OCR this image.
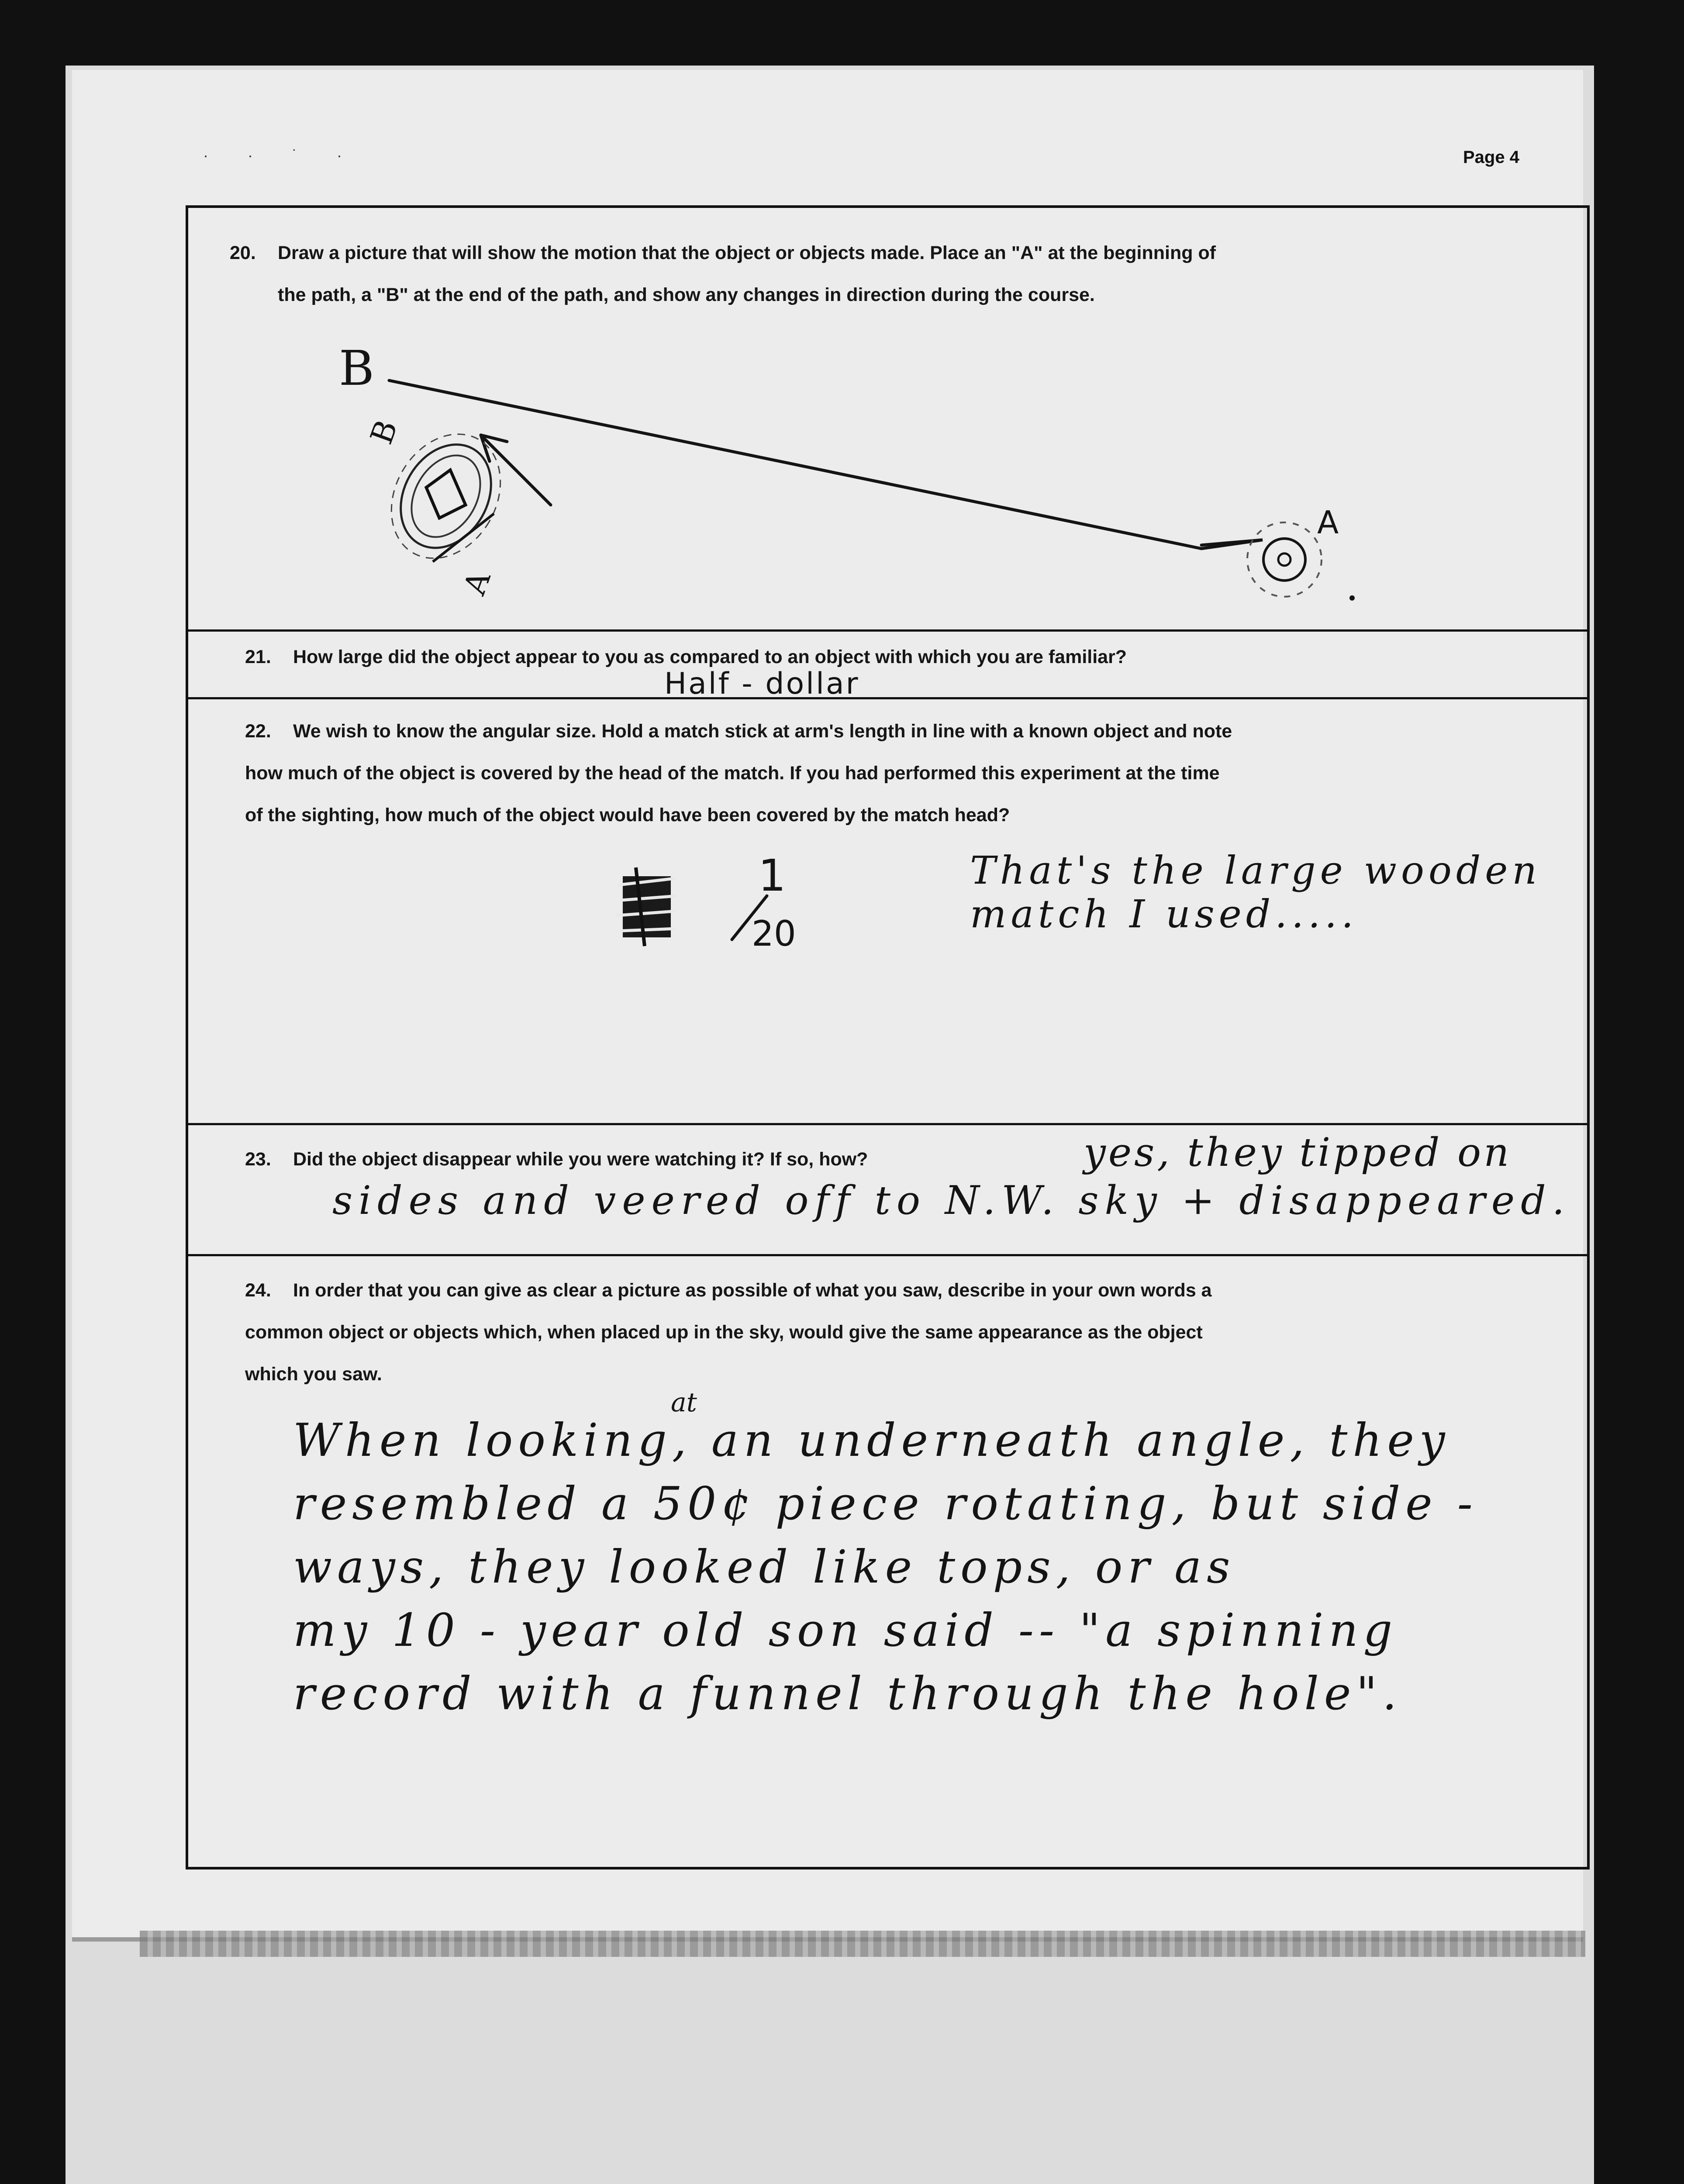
· · ˙ ·	Page 4
20. Draw a picture that will show the motion that the object or objects made. Place an "A" at the beginning of
the path, a "B" at the end of the path, and show any changes in direction during the course.
B
A
B
A
21. How large did the object appear to you as compared to an object with which you are familiar?
Half - dollar
22. We wish to know the angular size. Hold a match stick at arm's length in line with a known object and note
how much of the object is covered by the head of the match. If you had performed this experiment at the time
of the sighting, how much of the object would have been covered by the match head?
1
20
That's the large wooden
match I used.....
23. Did the object disappear while you were watching it? If so, how?	yes, they tipped on
sides and veered off to N.W. sky + disappeared.
24. In order that you can give as clear a picture as possible of what you saw, describe in your own words a
common object or objects which, when placed up in the sky, would give the same appearance as the object
which you saw.
at
When looking, an underneath angle, they
resembled a 50¢ piece rotating, but side -
ways, they looked like tops, or as
my 10 - year old son said -- "a spinning
record with a funnel through the hole".
